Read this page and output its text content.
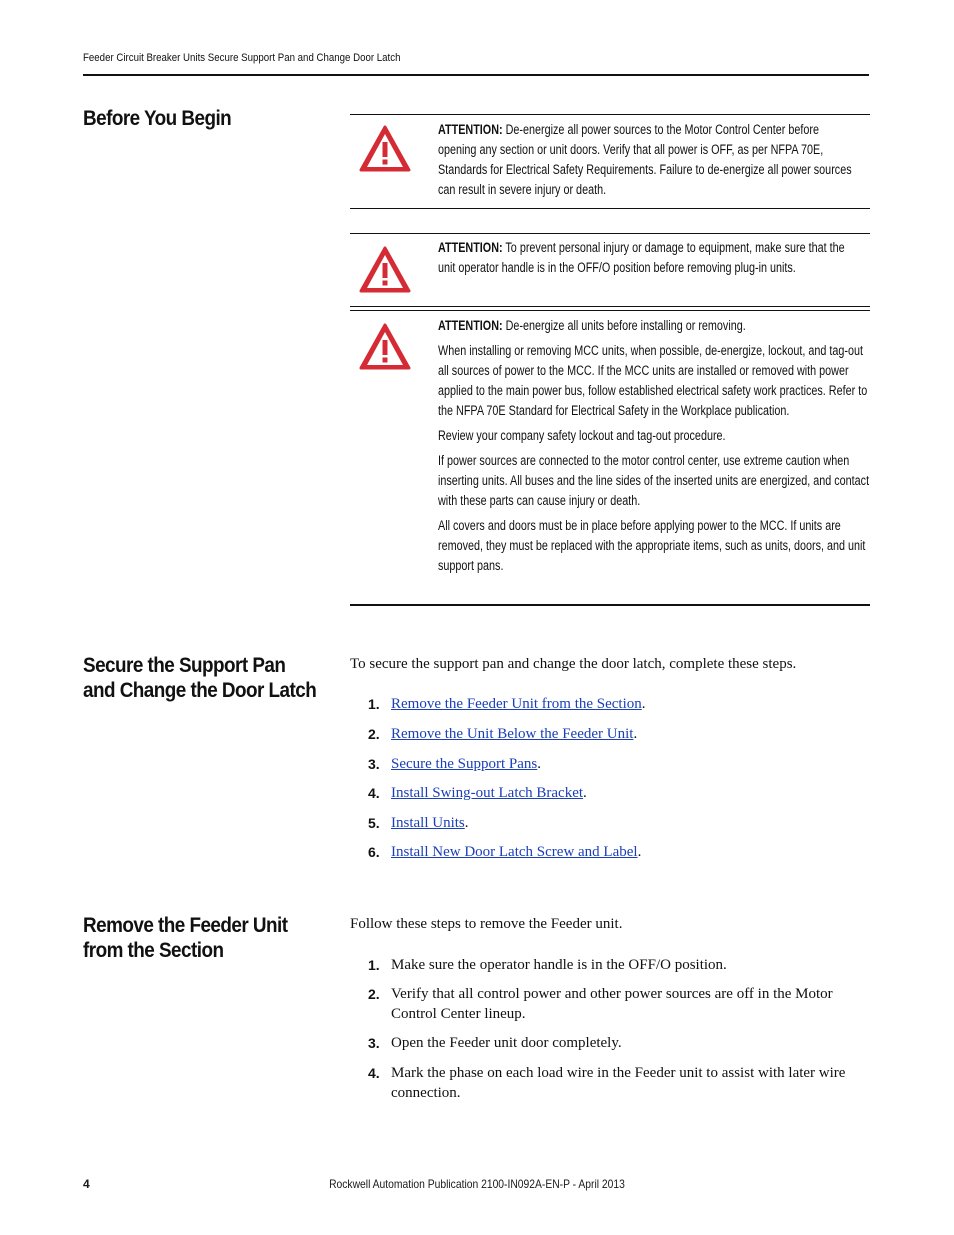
Feeder Circuit Breaker Units Secure Support Pan and Change Door Latch
Before You Begin	ATTENTION: De-energize all power sources to the Motor Control Center before opening any section or unit doors. Verify that all power is OFF, as per NFPA 70E, Standards for Electrical Safety Requirements. Failure to de-energize all power sources can result in severe injury or death.

ATTENTION: To prevent personal injury or damage to equipment, make sure that the unit operator handle is in the OFF/O position before removing plug-in units.

ATTENTION: De-energize all units before installing or removing.

When installing or removing MCC units, when possible, de-energize, lockout, and tag-out all sources of power to the MCC. If the MCC units are installed or removed with power applied to the main power bus, follow established electrical safety work practices. Refer to the NFPA 70E Standard for Electrical Safety in the Workplace publication.

Review your company safety lockout and tag-out procedure.

If power sources are connected to the motor control center, use extreme caution when inserting units. All buses and the line sides of the inserted units are energized, and contact with these parts can cause injury or death.

All covers and doors must be in place before applying power to the MCC. If units are removed, they must be replaced with the appropriate items, such as units, doors, and unit support pans.

Secure the Support Pan and Change the Door Latch

To secure the support pan and change the door latch, complete these steps.

1. Remove the Feeder Unit from the Section.
2. Remove the Unit Below the Feeder Unit.
3. Secure the Support Pans.
4. Install Swing-out Latch Bracket.
5. Install Units.
6. Install New Door Latch Screw and Label.
Remove the Feeder Unit from the Section

Follow these steps to remove the Feeder unit.

1. Make sure the operator handle is in the OFF/O position.
2. Verify that all control power and other power sources are off in the Motor Control Center lineup.
3. Open the Feeder unit door completely.
4. Mark the phase on each load wire in the Feeder unit to assist with later wire connection.
4	Rockwell Automation Publication 2100-IN092A-EN-P - April 2013
